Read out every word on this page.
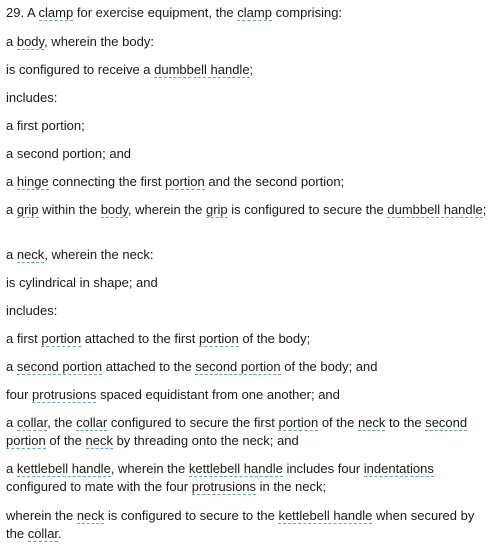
29. A clamp for exercise equipment, the clamp comprising:
a body, wherein the body:
is configured to receive a dumbbell handle;
includes:
a first portion;
a second portion; and
a hinge connecting the first portion and the second portion;
a grip within the body, wherein the grip is configured to secure the dumbbell handle;
a neck, wherein the neck:
is cylindrical in shape; and
includes:
a first portion attached to the first portion of the body;
a second portion attached to the second portion of the body; and
four protrusions spaced equidistant from one another; and
a collar, the collar configured to secure the first portion of the neck to the second portion of the neck by threading onto the neck; and
a kettlebell handle, wherein the kettlebell handle includes four indentations configured to mate with the four protrusions in the neck;
wherein the neck is configured to secure to the kettlebell handle when secured by the collar.
